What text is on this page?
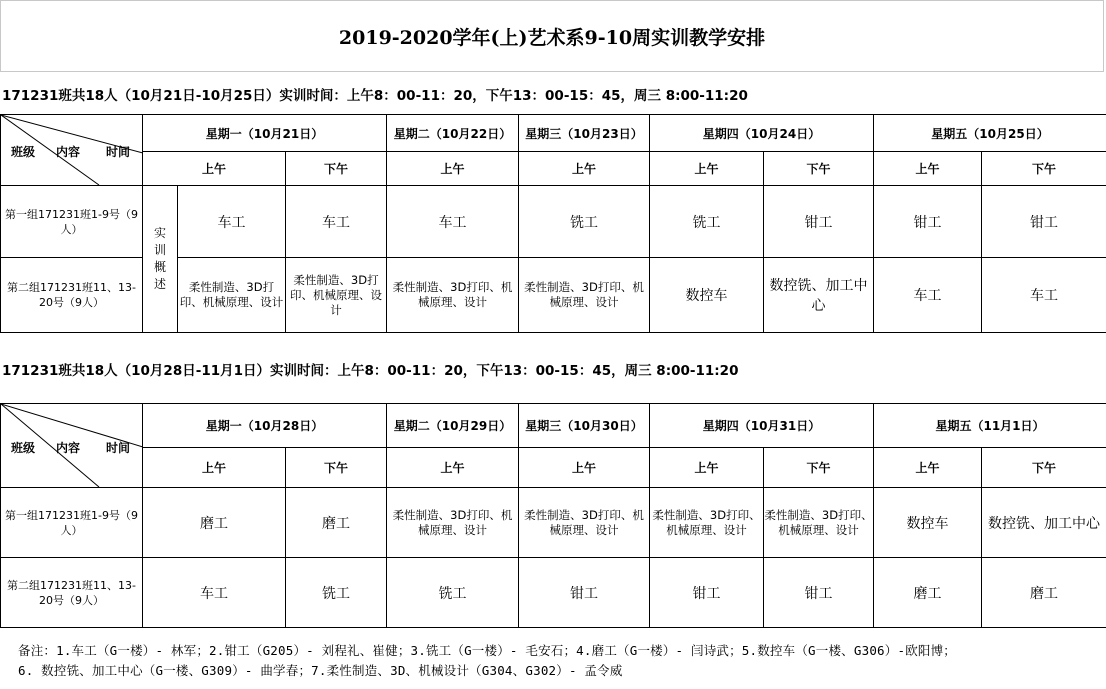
2019-2020学年(上)艺术系9-10周实训教学安排
171231班共18人（10月21日-10月25日）实训时间：上午8：00-11：20，下午13：00-15：45，周三 8:00-11:20
班级 内容 时间	星期一（10月21日）			星期二（10月22日）	星期三（10月23日）	星期四（10月24日）		星期五（10月25日）	
	上午		下午	上午	上午	上午	下午	上午	下午
第一组171231班1-9号（9人）	实训概述	车工	车工	车工	铣工	铣工	钳工	钳工	钳工
第二组171231班11、13-20号（9人）		柔性制造、3D打印、机械原理、设计	柔性制造、3D打印、机械原理、设计	柔性制造、3D打印、机械原理、设计	柔性制造、3D打印、机械原理、设计	数控车	数控铣、加工中心	车工	车工
171231班共18人（10月28日-11月1日）实训时间：上午8：00-11：20，下午13：00-15：45，周三 8:00-11:20
班级 内容 时间	星期一（10月28日）		星期二（10月29日）	星期三（10月30日）	星期四（10月31日）		星期五（11月1日）	
	上午	下午	上午	上午	上午	下午	上午	下午
第一组171231班1-9号（9人）	磨工	磨工	柔性制造、3D打印、机械原理、设计	柔性制造、3D打印、机械原理、设计	柔性制造、3D打印、机械原理、设计	柔性制造、3D打印、机械原理、设计	数控车	数控铣、加工中心
第二组171231班11、13-20号（9人）	车工	铣工	铣工	钳工	钳工	钳工	磨工	磨工
备注：1.车工（G一楼）- 林军；2.钳工（G205）- 刘程礼、崔健；3.铣工（G一楼）- 毛安石；4.磨工（G一楼）- 闫诗武；5.数控车（G一楼、G306）-欧阳博；
6. 数控铣、加工中心（G一楼、G309）- 曲学春；7.柔性制造、3D、机械设计（G304、G302）- 孟令威
